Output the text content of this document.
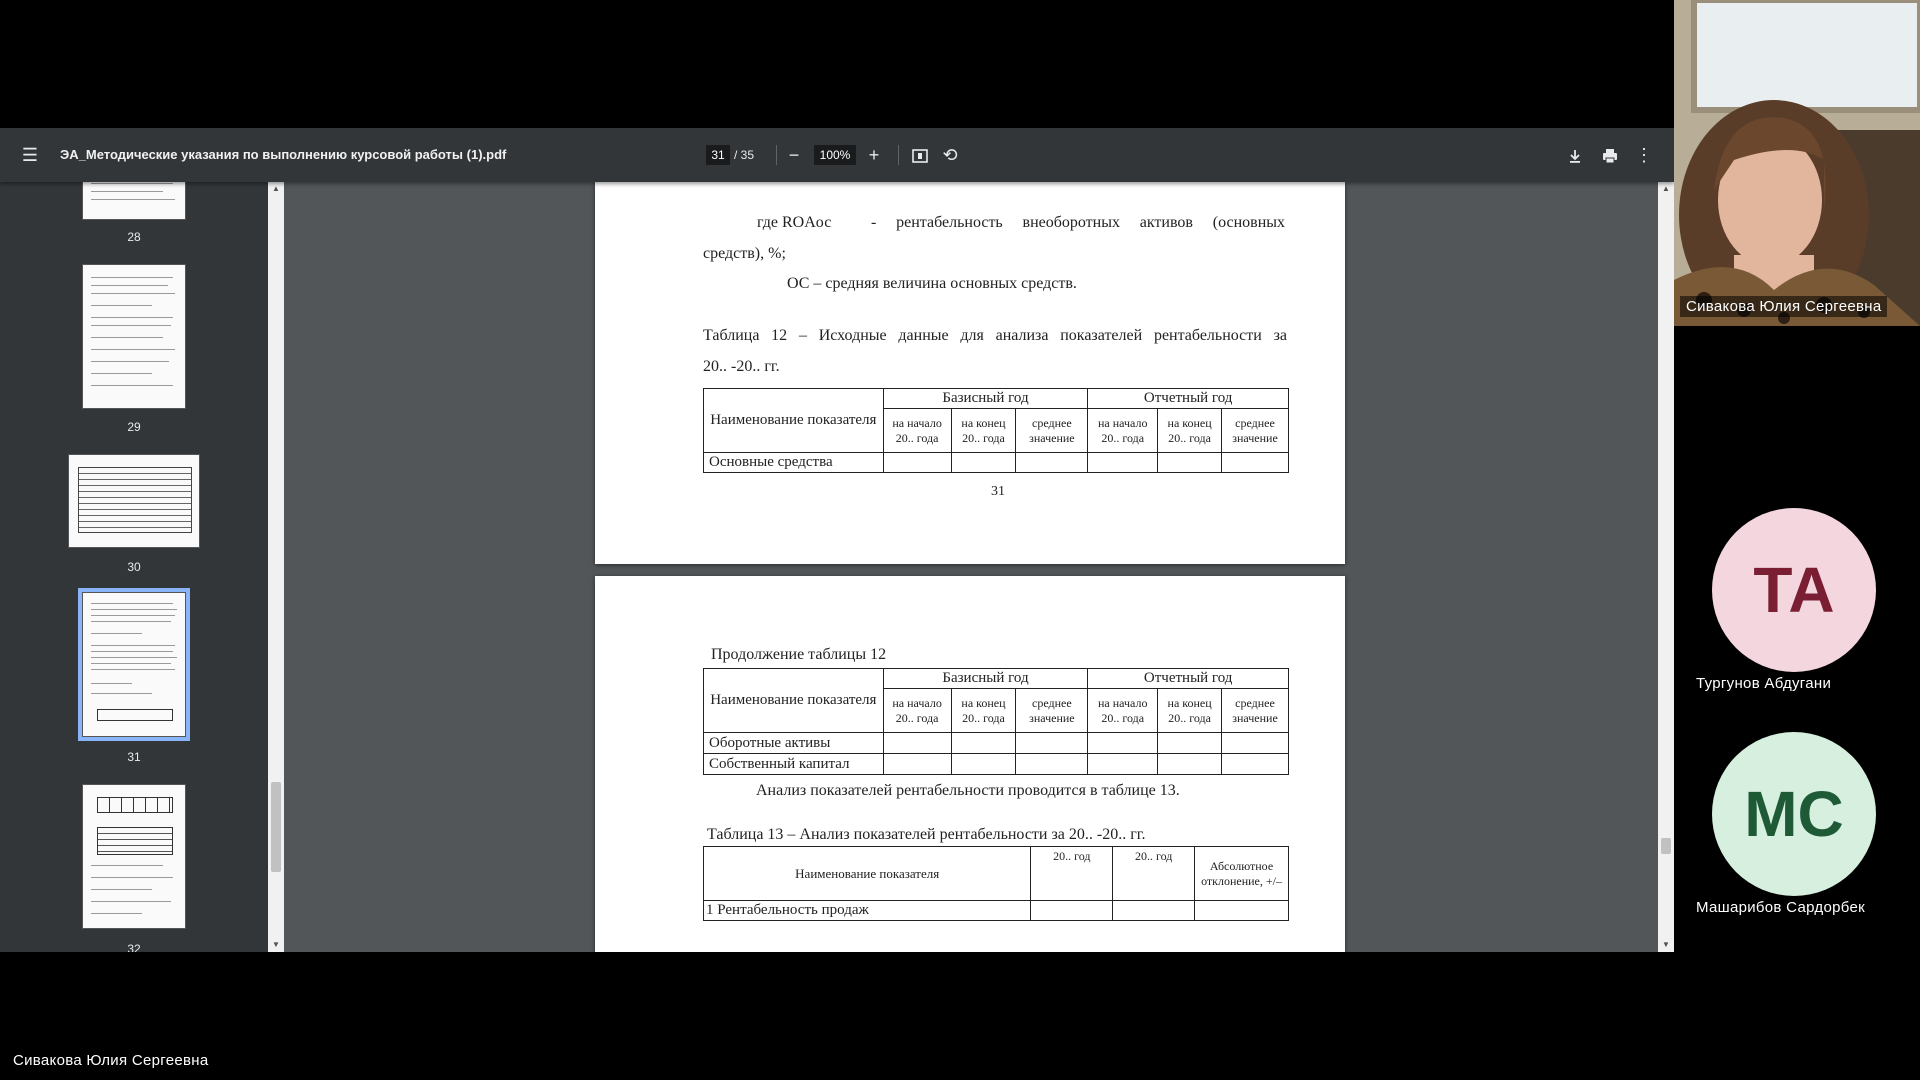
☰	ЭА_Методические указания по выполнению курсовой работы (1).pdf	31 / 35	−	100%	+	⟲	⋮
28
29
30
31
32
▲
▼
где ROAос - рентабельность внеоборотных активов (основных
средств), %;
ОС – средняя величина основных средств.
Таблица 12 – Исходные данные для анализа показателей рентабельности за
20.. -20.. гг.
Наименование показателя	Базисный год			Отчетный год		
	на начало 20.. года	на конец 20.. года	среднее значение	на начало 20.. года	на конец 20.. года	среднее значение
Основные средства						
31
Продолжение таблицы 12
Наименование показателя	Базисный год			Отчетный год		
	на начало 20.. года	на конец 20.. года	среднее значение	на начало 20.. года	на конец 20.. года	среднее значение
Оборотные активы						
Собственный капитал						
Анализ показателей рентабельности проводится в таблице 13.
Таблица 13 – Анализ показателей рентабельности за 20.. -20.. гг.
Наименование показателя	20.. год	20.. год	Абсолютное отклонение, +/–
1 Рентабельность продаж			
▲
▼
Сивакова Юлия Сергеевна
ТА
Тургунов Абдугани
МС
Машарибов Сардорбек
Сивакова Юлия Сергеевна
